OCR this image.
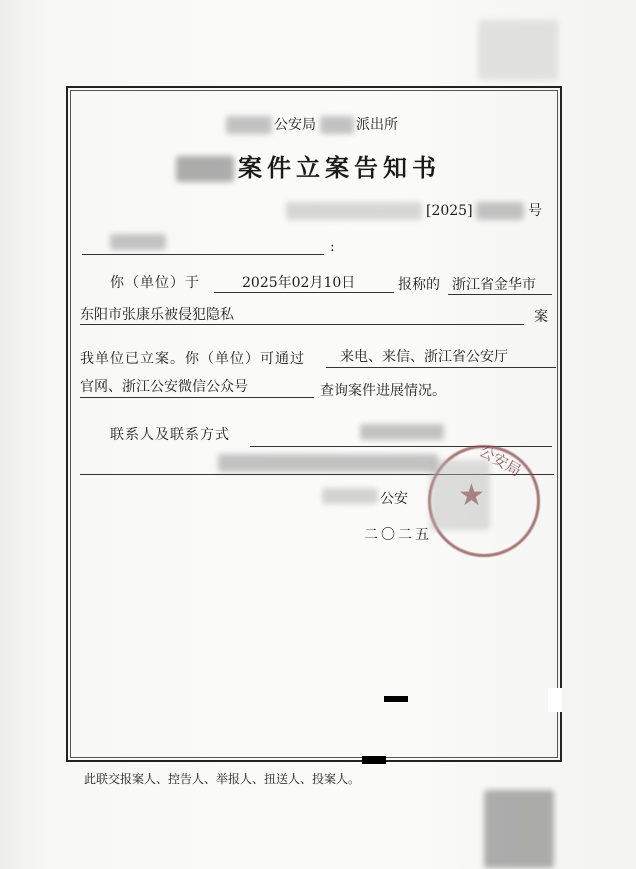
公安局	派出所
案件立案告知书
[2025]	号
:
你（单位）于	2025年02月10日	报称的 浙江省金华市
东阳市张康乐被侵犯隐私	案
我单位已立案。你（单位）可通过	来电、来信、浙江省公安厅
官网、浙江公安微信公众号	查询案件进展情况。
联系人及联系方式
公安
二〇二五
★
公安局
此联交报案人、控告人、举报人、扭送人、投案人。
